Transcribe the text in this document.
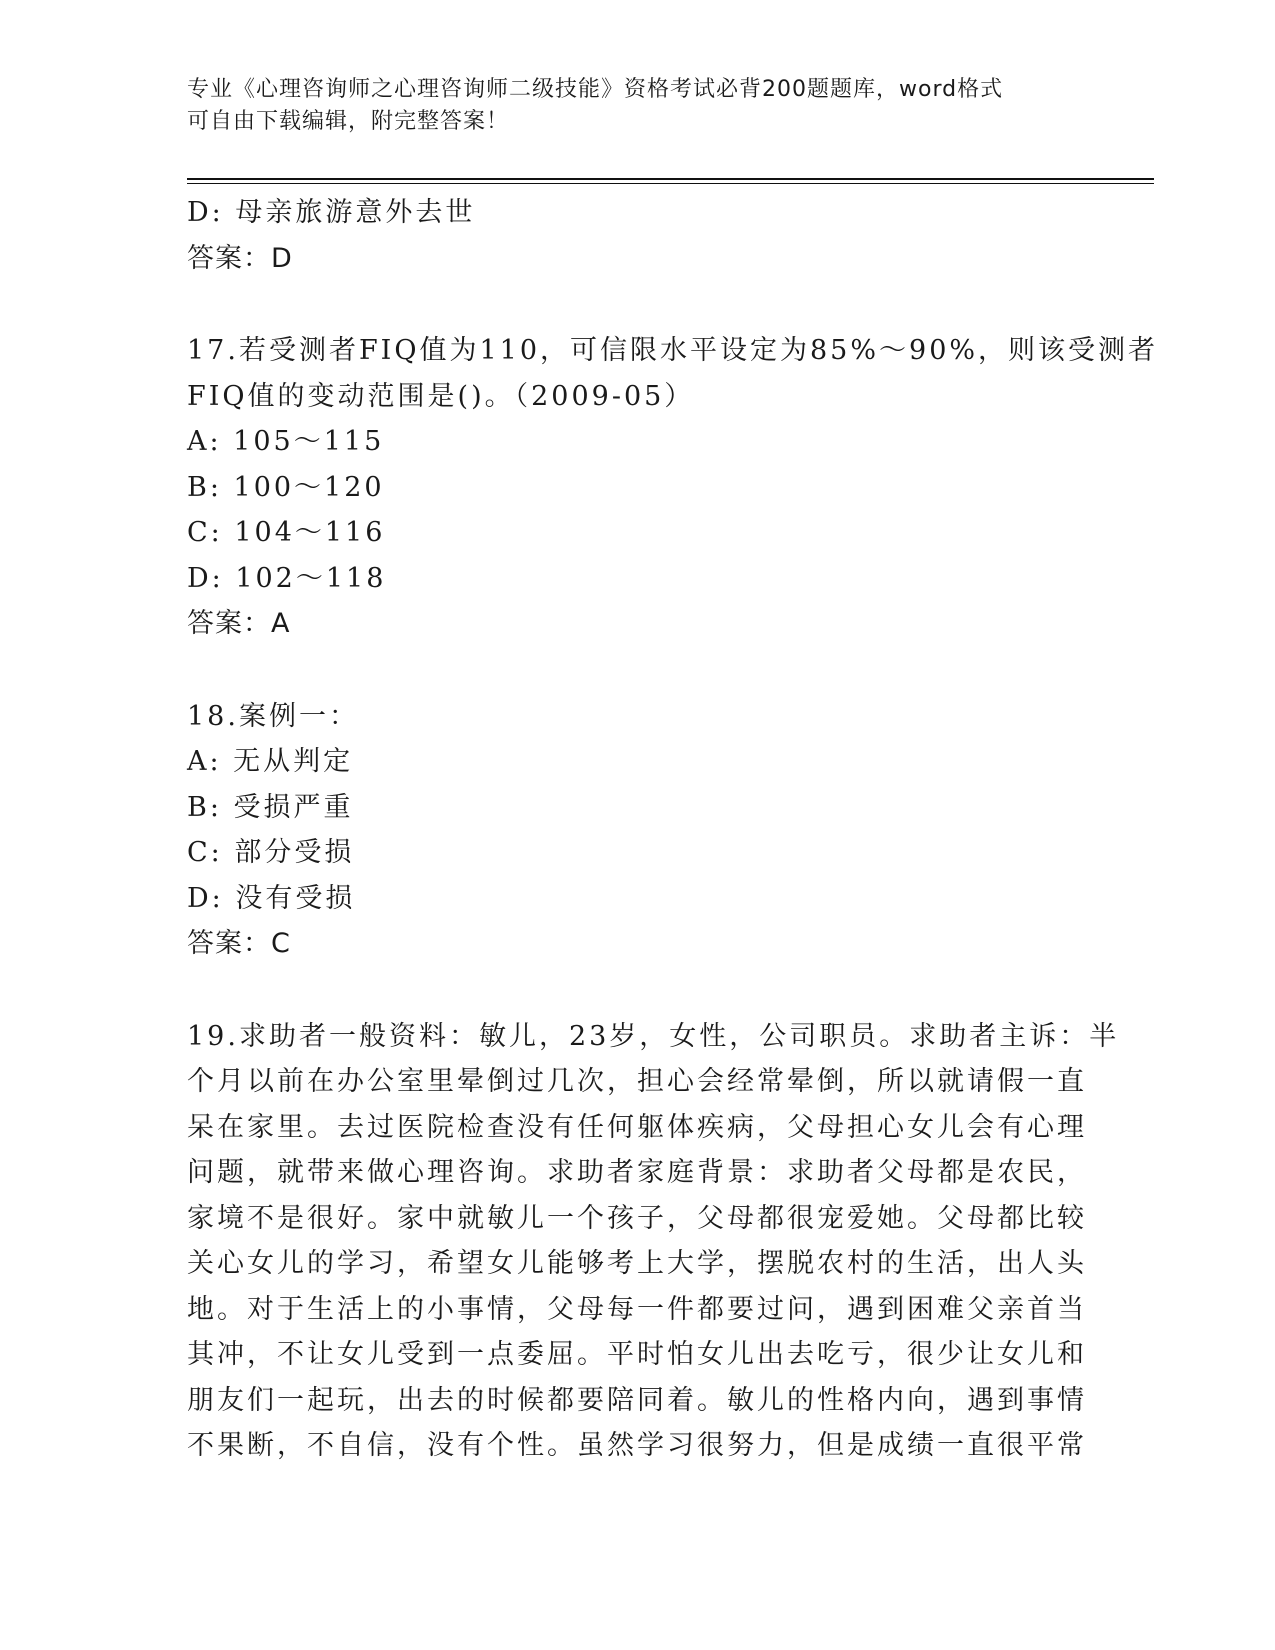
专业《心理咨询师之心理咨询师二级技能》资格考试必背200题题库，word格式
可自由下载编辑，附完整答案！
D: 母亲旅游意外去世
答案：D
17.若受测者FIQ值为110，可信限水平设定为85%～90%，则该受测者
FIQ值的变动范围是()。（2009-05）
A: 105～115
B: 100～120
C: 104～116
D: 102～118
答案：A
18.案例一：
A: 无从判定
B: 受损严重
C: 部分受损
D: 没有受损
答案：C
19.求助者一般资料：敏儿，23岁，女性，公司职员。求助者主诉：半
个月以前在办公室里晕倒过几次，担心会经常晕倒，所以就请假一直
呆在家里。去过医院检查没有任何躯体疾病，父母担心女儿会有心理
问题，就带来做心理咨询。求助者家庭背景：求助者父母都是农民，
家境不是很好。家中就敏儿一个孩子，父母都很宠爱她。父母都比较
关心女儿的学习，希望女儿能够考上大学，摆脱农村的生活，出人头
地。对于生活上的小事情，父母每一件都要过问，遇到困难父亲首当
其冲，不让女儿受到一点委屈。平时怕女儿出去吃亏，很少让女儿和
朋友们一起玩，出去的时候都要陪同着。敏儿的性格内向，遇到事情
不果断，不自信，没有个性。虽然学习很努力，但是成绩一直很平常
